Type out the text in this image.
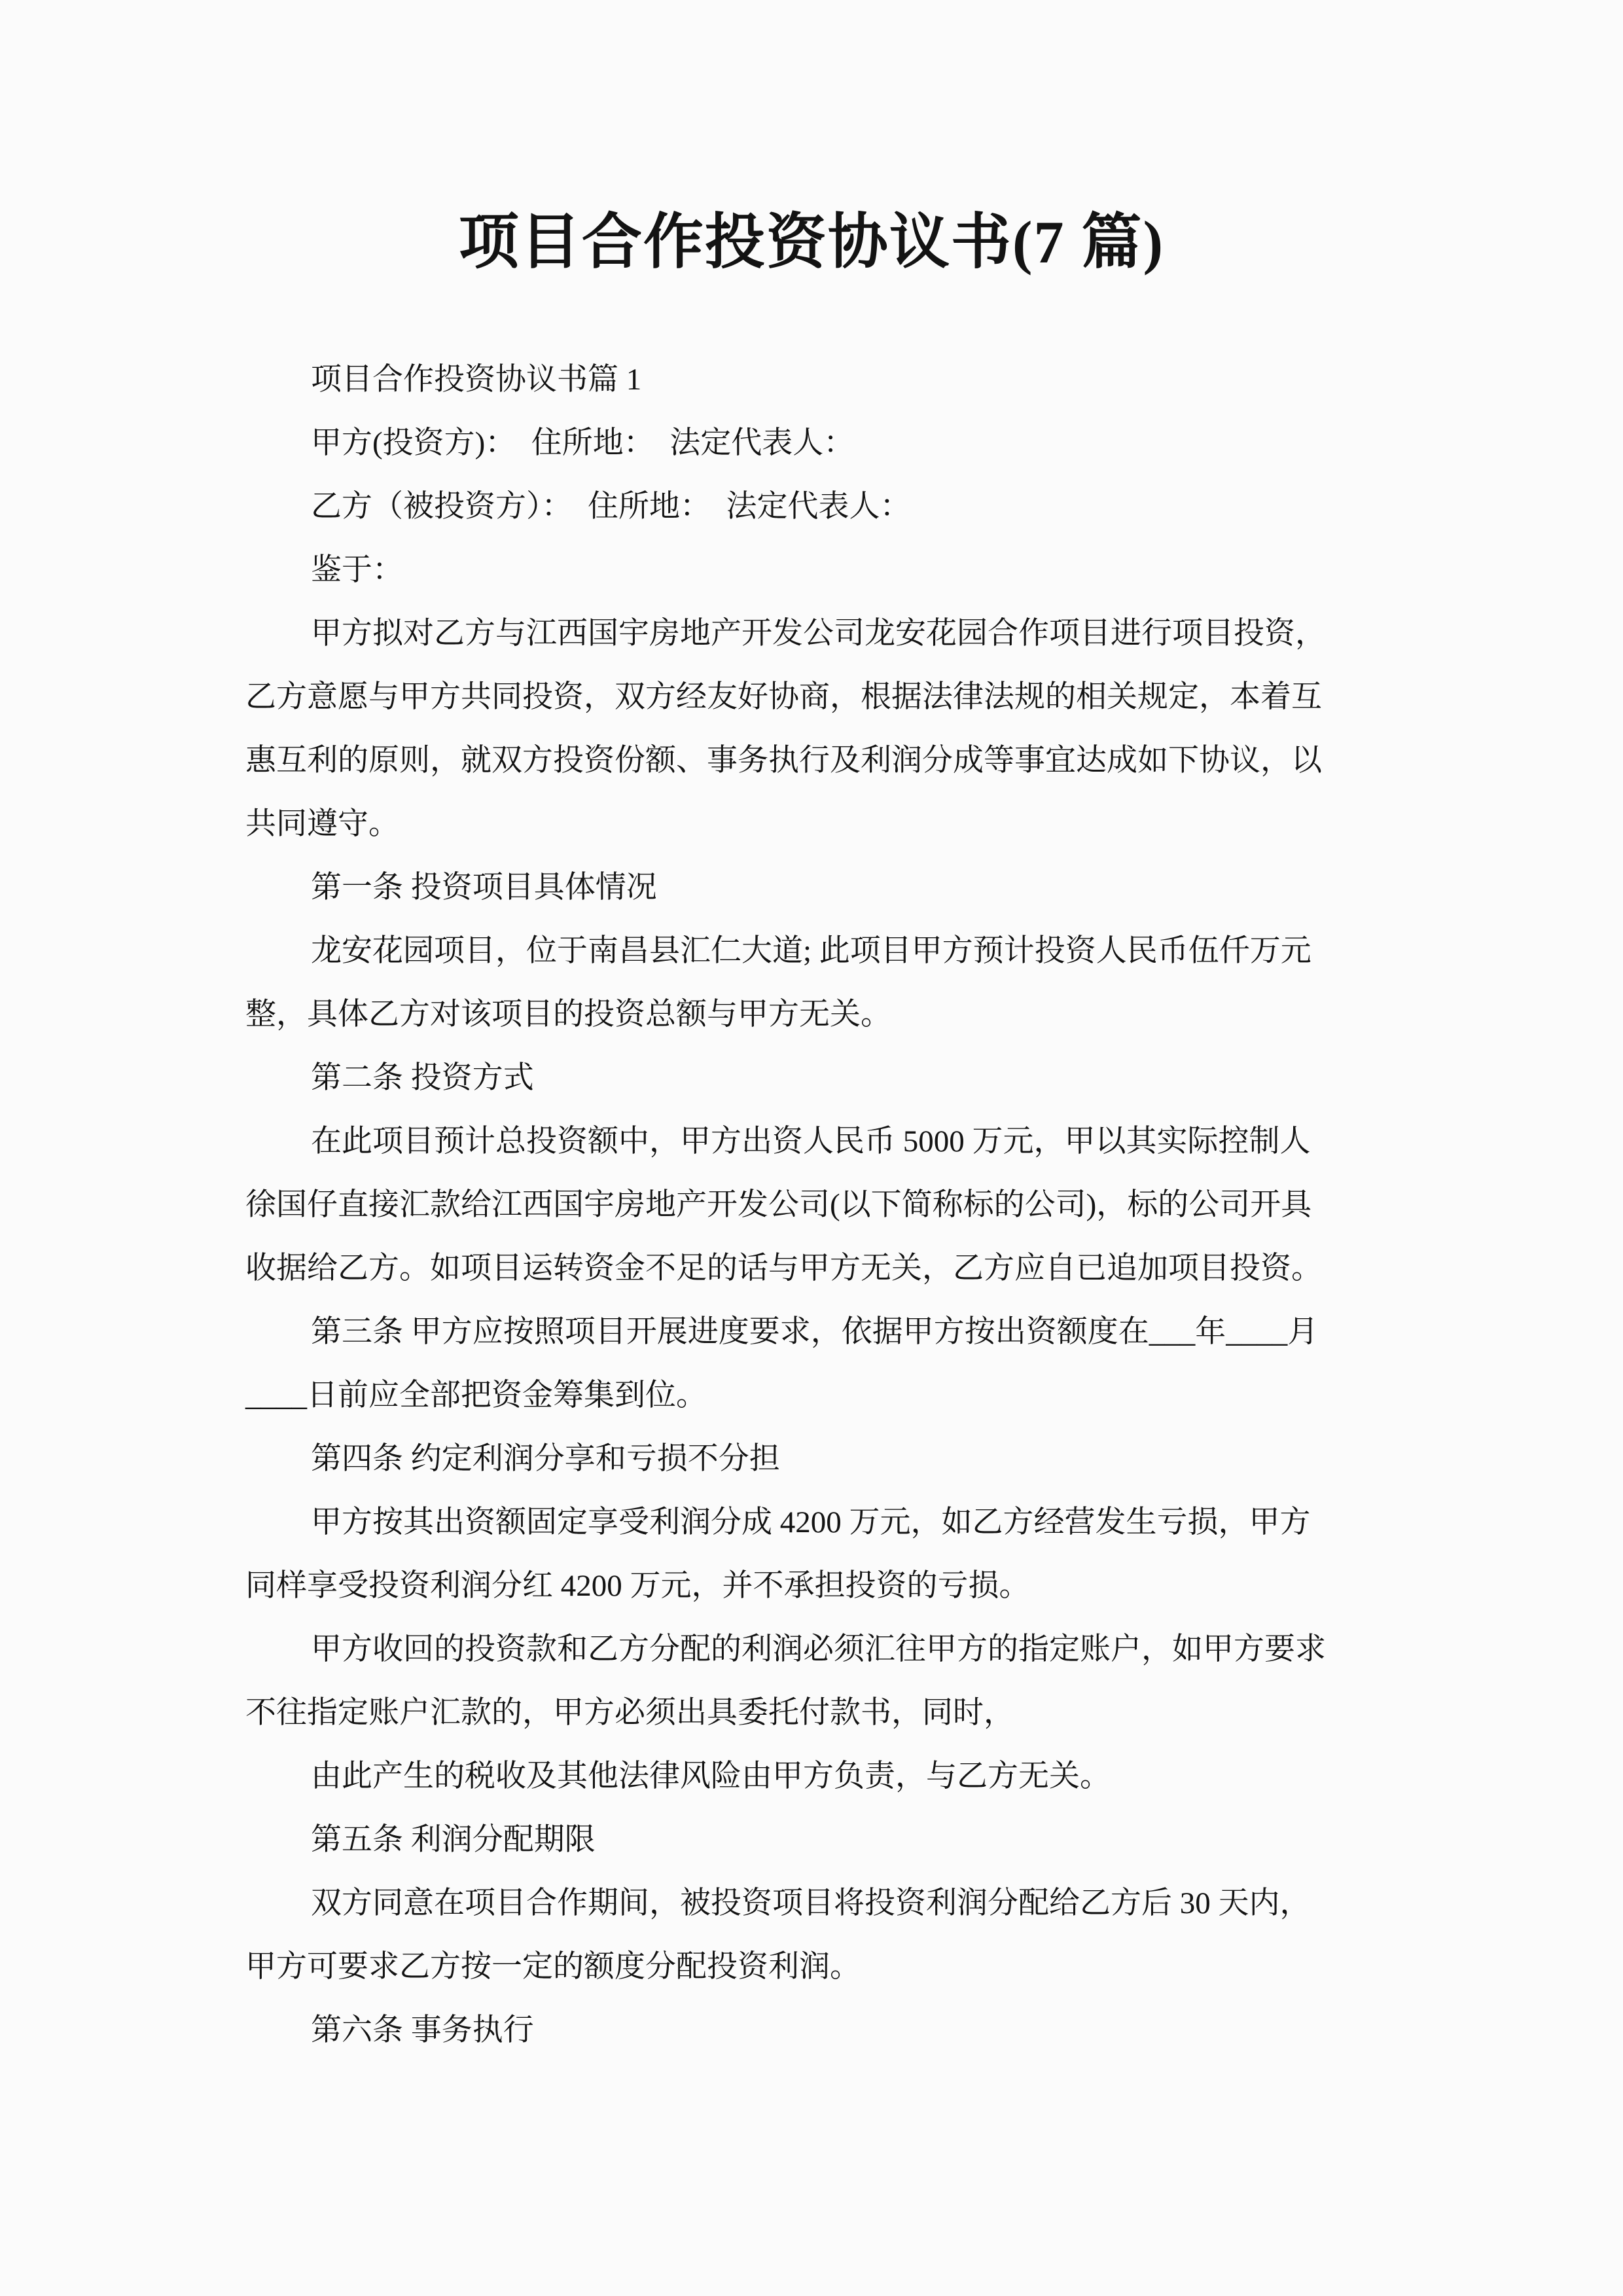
项目合作投资协议书(7 篇)
项目合作投资协议书篇 1
甲方(投资方)：　住所地：　法定代表人：
乙方（被投资方）：　住所地：　法定代表人：
鉴于：
甲方拟对乙方与江西国宇房地产开发公司龙安花园合作项目进行项目投资，
乙方意愿与甲方共同投资，双方经友好协商，根据法律法规的相关规定，本着互
惠互利的原则，就双方投资份额、事务执行及利润分成等事宜达成如下协议，以
共同遵守。
第一条 投资项目具体情况
龙安花园项目，位于南昌县汇仁大道; 此项目甲方预计投资人民币伍仟万元
整，具体乙方对该项目的投资总额与甲方无关。
第二条 投资方式
在此项目预计总投资额中，甲方出资人民币 5000 万元，甲以其实际控制人
徐国仔直接汇款给江西国宇房地产开发公司(以下简称标的公司)，标的公司开具
收据给乙方。如项目运转资金不足的话与甲方无关，乙方应自已追加项目投资。
第三条 甲方应按照项目开展进度要求，依据甲方按出资额度在___年____月
____日前应全部把资金筹集到位。
第四条 约定利润分享和亏损不分担
甲方按其出资额固定享受利润分成 4200 万元，如乙方经营发生亏损，甲方
同样享受投资利润分红 4200 万元，并不承担投资的亏损。
甲方收回的投资款和乙方分配的利润必须汇往甲方的指定账户，如甲方要求
不往指定账户汇款的，甲方必须出具委托付款书，同时，
由此产生的税收及其他法律风险由甲方负责，与乙方无关。
第五条 利润分配期限
双方同意在项目合作期间，被投资项目将投资利润分配给乙方后 30 天内，
甲方可要求乙方按一定的额度分配投资利润。
第六条 事务执行
